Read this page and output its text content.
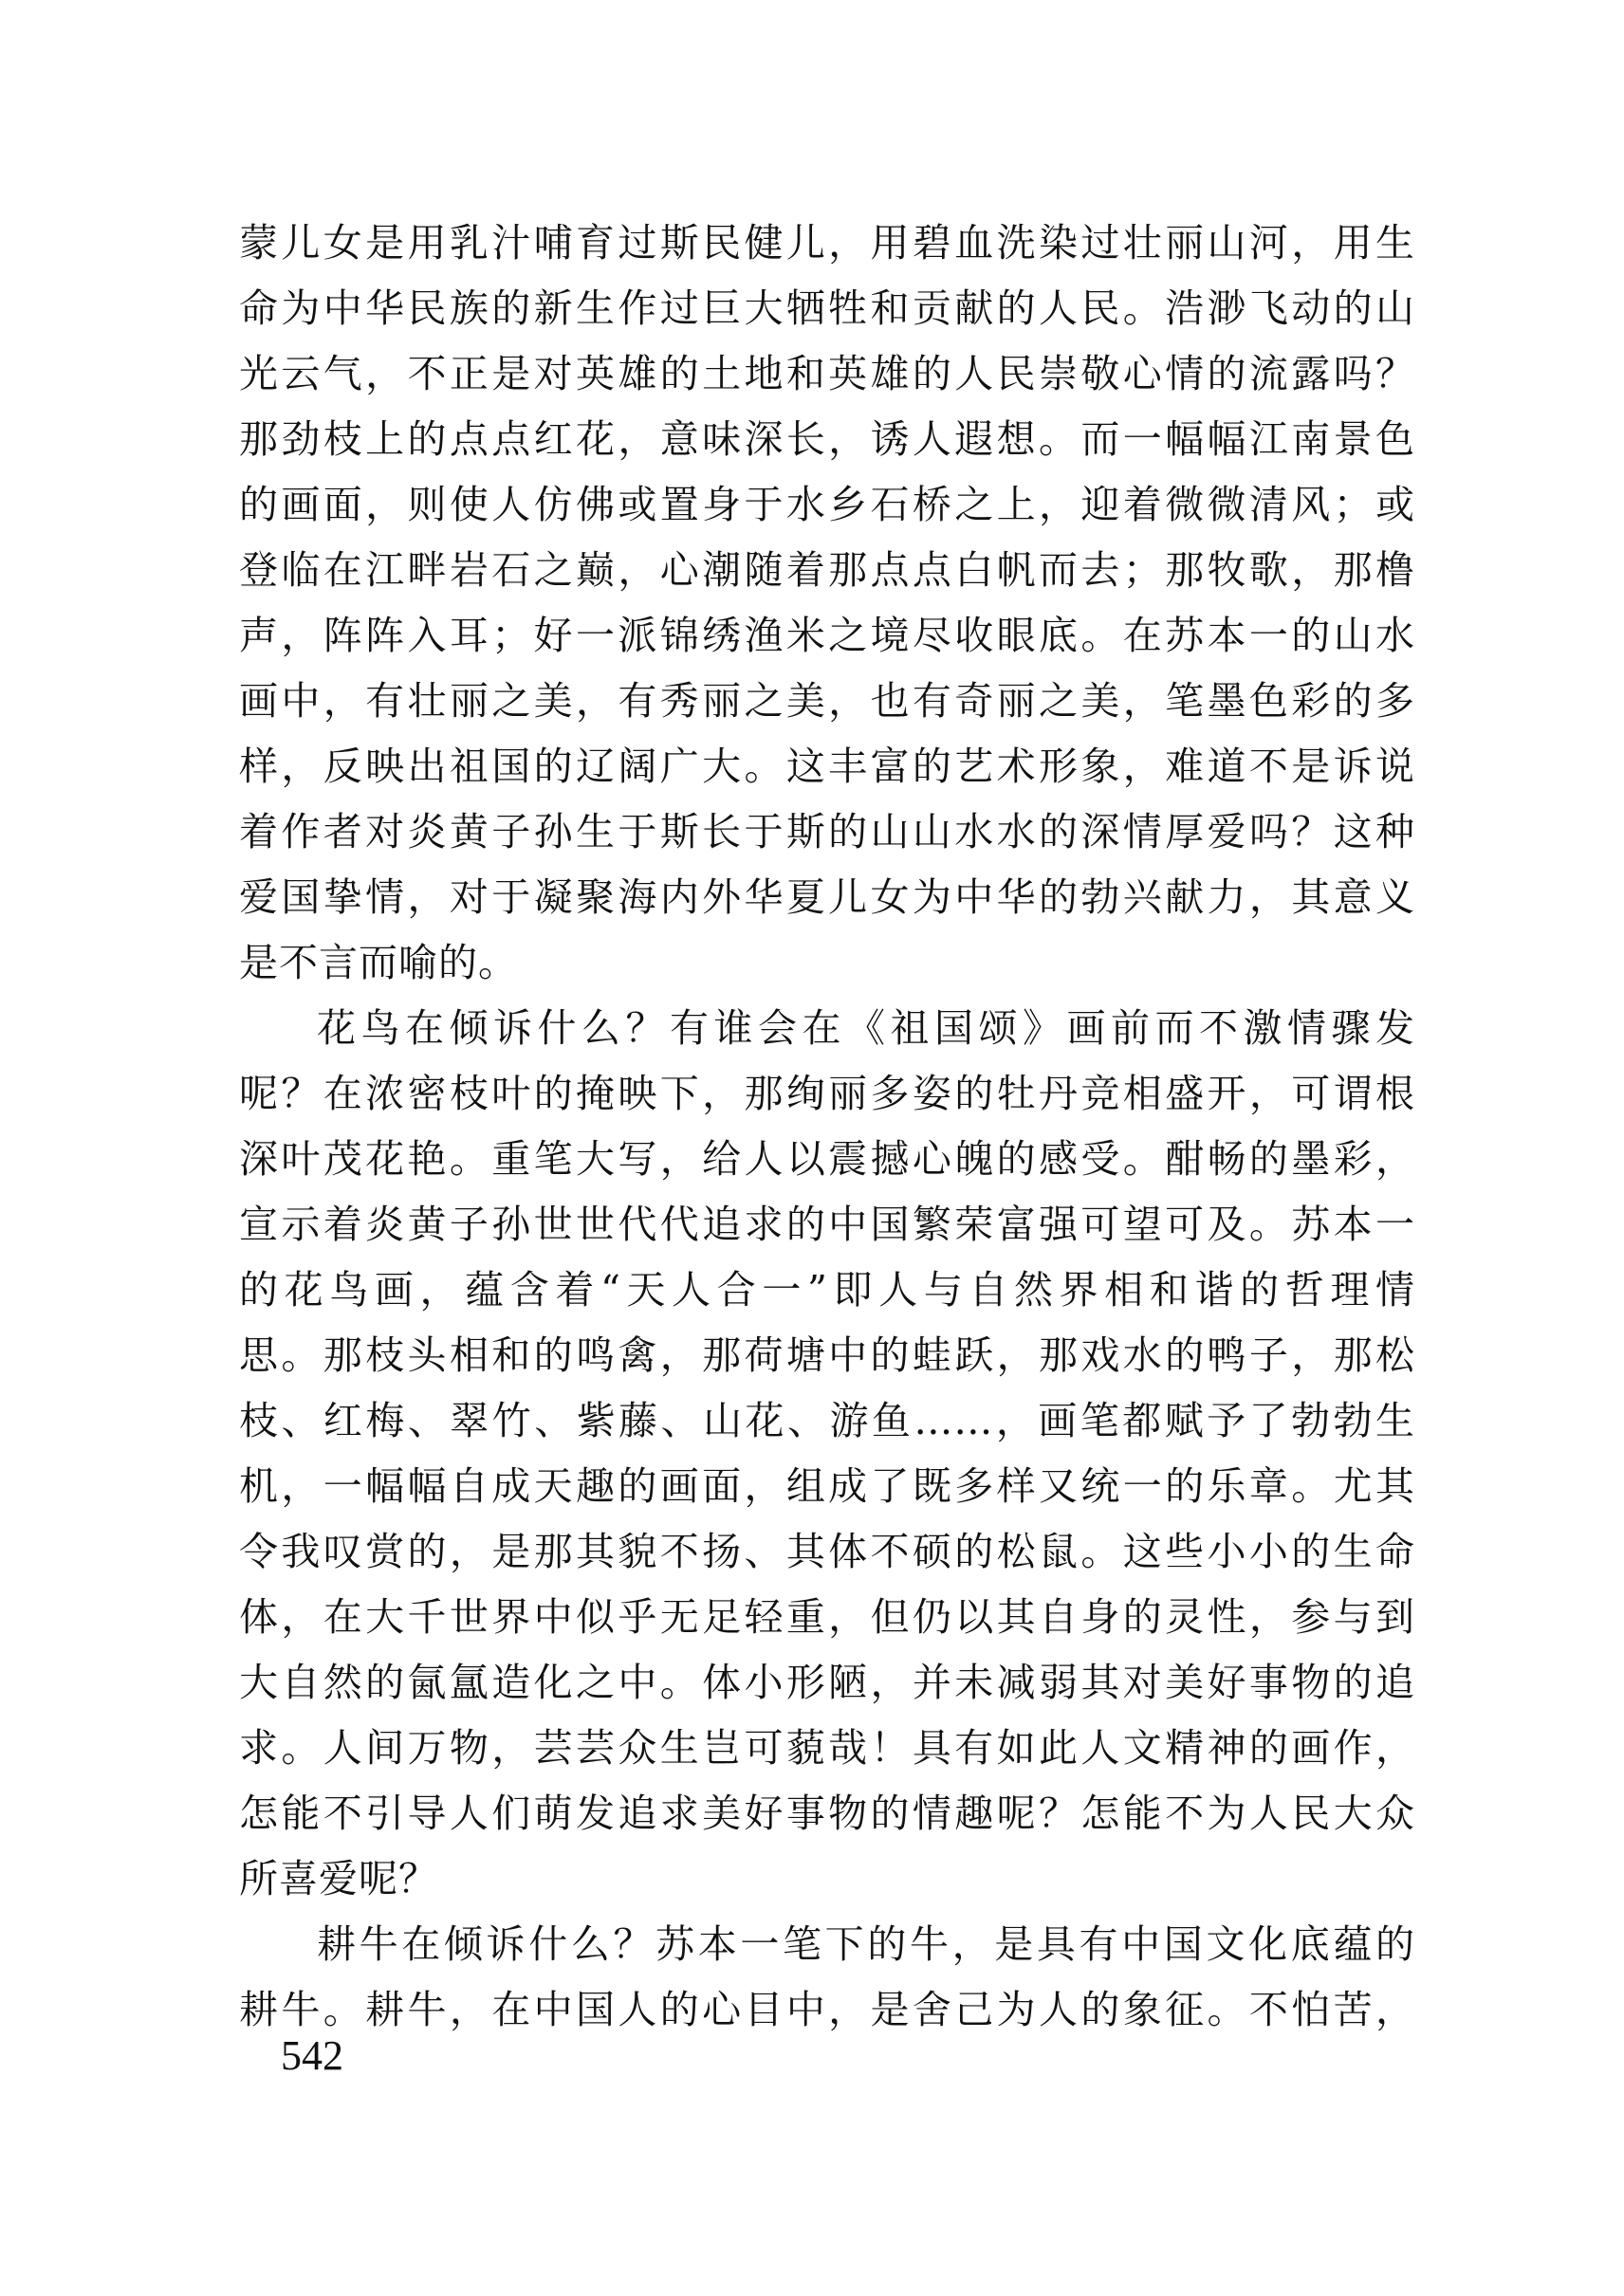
蒙儿女是用乳汁哺育过斯民健儿，用碧血洗染过壮丽山河，用生
命为中华民族的新生作过巨大牺牲和贡献的人民。浩渺飞动的山
光云气，不正是对英雄的土地和英雄的人民崇敬心情的流露吗？
那劲枝上的点点红花，意味深长，诱人遐想。而一幅幅江南景色
的画面，则使人仿佛或置身于水乡石桥之上，迎着微微清风；或
登临在江畔岩石之巅，心潮随着那点点白帆而去；那牧歌，那橹
声，阵阵入耳；好一派锦绣渔米之境尽收眼底。在苏本一的山水
画中，有壮丽之美，有秀丽之美，也有奇丽之美，笔墨色彩的多
样，反映出祖国的辽阔广大。这丰富的艺术形象，难道不是诉说
着作者对炎黄子孙生于斯长于斯的山山水水的深情厚爱吗？这种
爱国挚情，对于凝聚海内外华夏儿女为中华的勃兴献力，其意义
是不言而喻的。
花鸟在倾诉什么？有谁会在《祖国颂》画前而不激情骤发
呢？在浓密枝叶的掩映下，那绚丽多姿的牡丹竞相盛开，可谓根
深叶茂花艳。重笔大写，给人以震撼心魄的感受。酣畅的墨彩，
宣示着炎黄子孙世世代代追求的中国繁荣富强可望可及。苏本一
的花鸟画，蕴含着“天人合一”即人与自然界相和谐的哲理情
思。那枝头相和的鸣禽，那荷塘中的蛙跃，那戏水的鸭子，那松
枝、红梅、翠竹、紫藤、山花、游鱼……，画笔都赋予了勃勃生
机，一幅幅自成天趣的画面，组成了既多样又统一的乐章。尤其
令我叹赏的，是那其貌不扬、其体不硕的松鼠。这些小小的生命
体，在大千世界中似乎无足轻重，但仍以其自身的灵性，参与到
大自然的氤氲造化之中。体小形陋，并未减弱其对美好事物的追
求。人间万物，芸芸众生岂可藐哉！具有如此人文精神的画作，
怎能不引导人们萌发追求美好事物的情趣呢？怎能不为人民大众
所喜爱呢？
耕牛在倾诉什么？苏本一笔下的牛，是具有中国文化底蕴的
耕牛。耕牛，在中国人的心目中，是舍己为人的象征。不怕苦，
542
